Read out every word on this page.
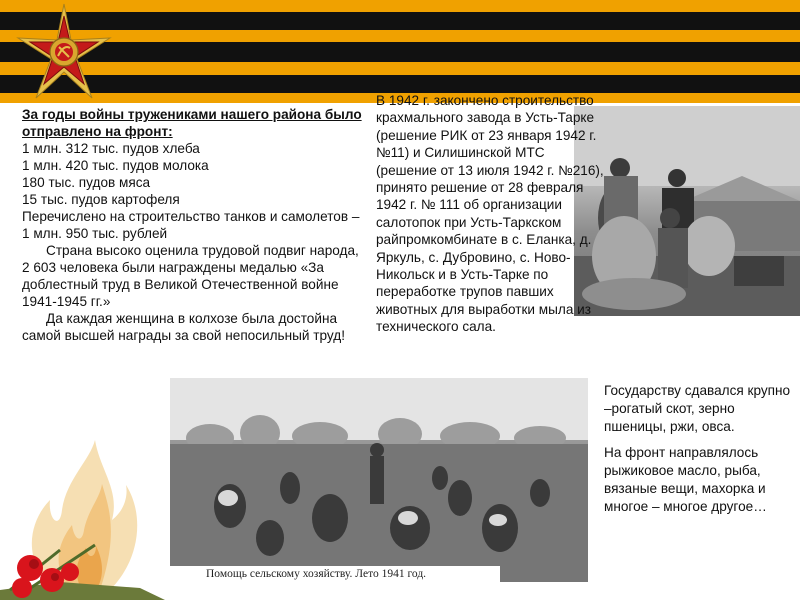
За годы войны тружениками нашего района было отправлено на фронт:

1 млн. 312 тыс. пудов хлеба

1 млн. 420 тыс. пудов молока

180 тыс. пудов мяса

15 тыс. пудов картофеля

Перечислено на строительство танков и самолетов – 1 млн. 950 тыс. рублей

Страна высоко оценила трудовой подвиг народа, 2 603 человека были награждены медалью «За доблестный труд в Великой Отечественной войне 1941-1945 гг.»

Да каждая женщина в колхозе была достойна самой высшей награды за свой непосильный труд!

В 1942 г. закончено строительство крахмального завода в Усть-Тарке (решение РИК от 23 января 1942 г. №11) и Силишинской МТС (решение от 13 июля 1942 г. №216), принято решение от 28 февраля 1942 г. № 111 об организации салотопок при Усть-Таркском райпромкомбинате в с. Еланка, д. Яркуль, с. Дубровино, с. Ново-Никольск и в Усть-Тарке по переработке трупов павших животных для выработки мыла из технического сала.

Помощь сельскому хозяйству. Лето 1941 год.

Государству сдавался крупно –рогатый скот, зерно пшеницы, ржи, овса.

На фронт направлялось рыжиковое масло, рыба, вязаные вещи, махорка и многое – многое другое…
